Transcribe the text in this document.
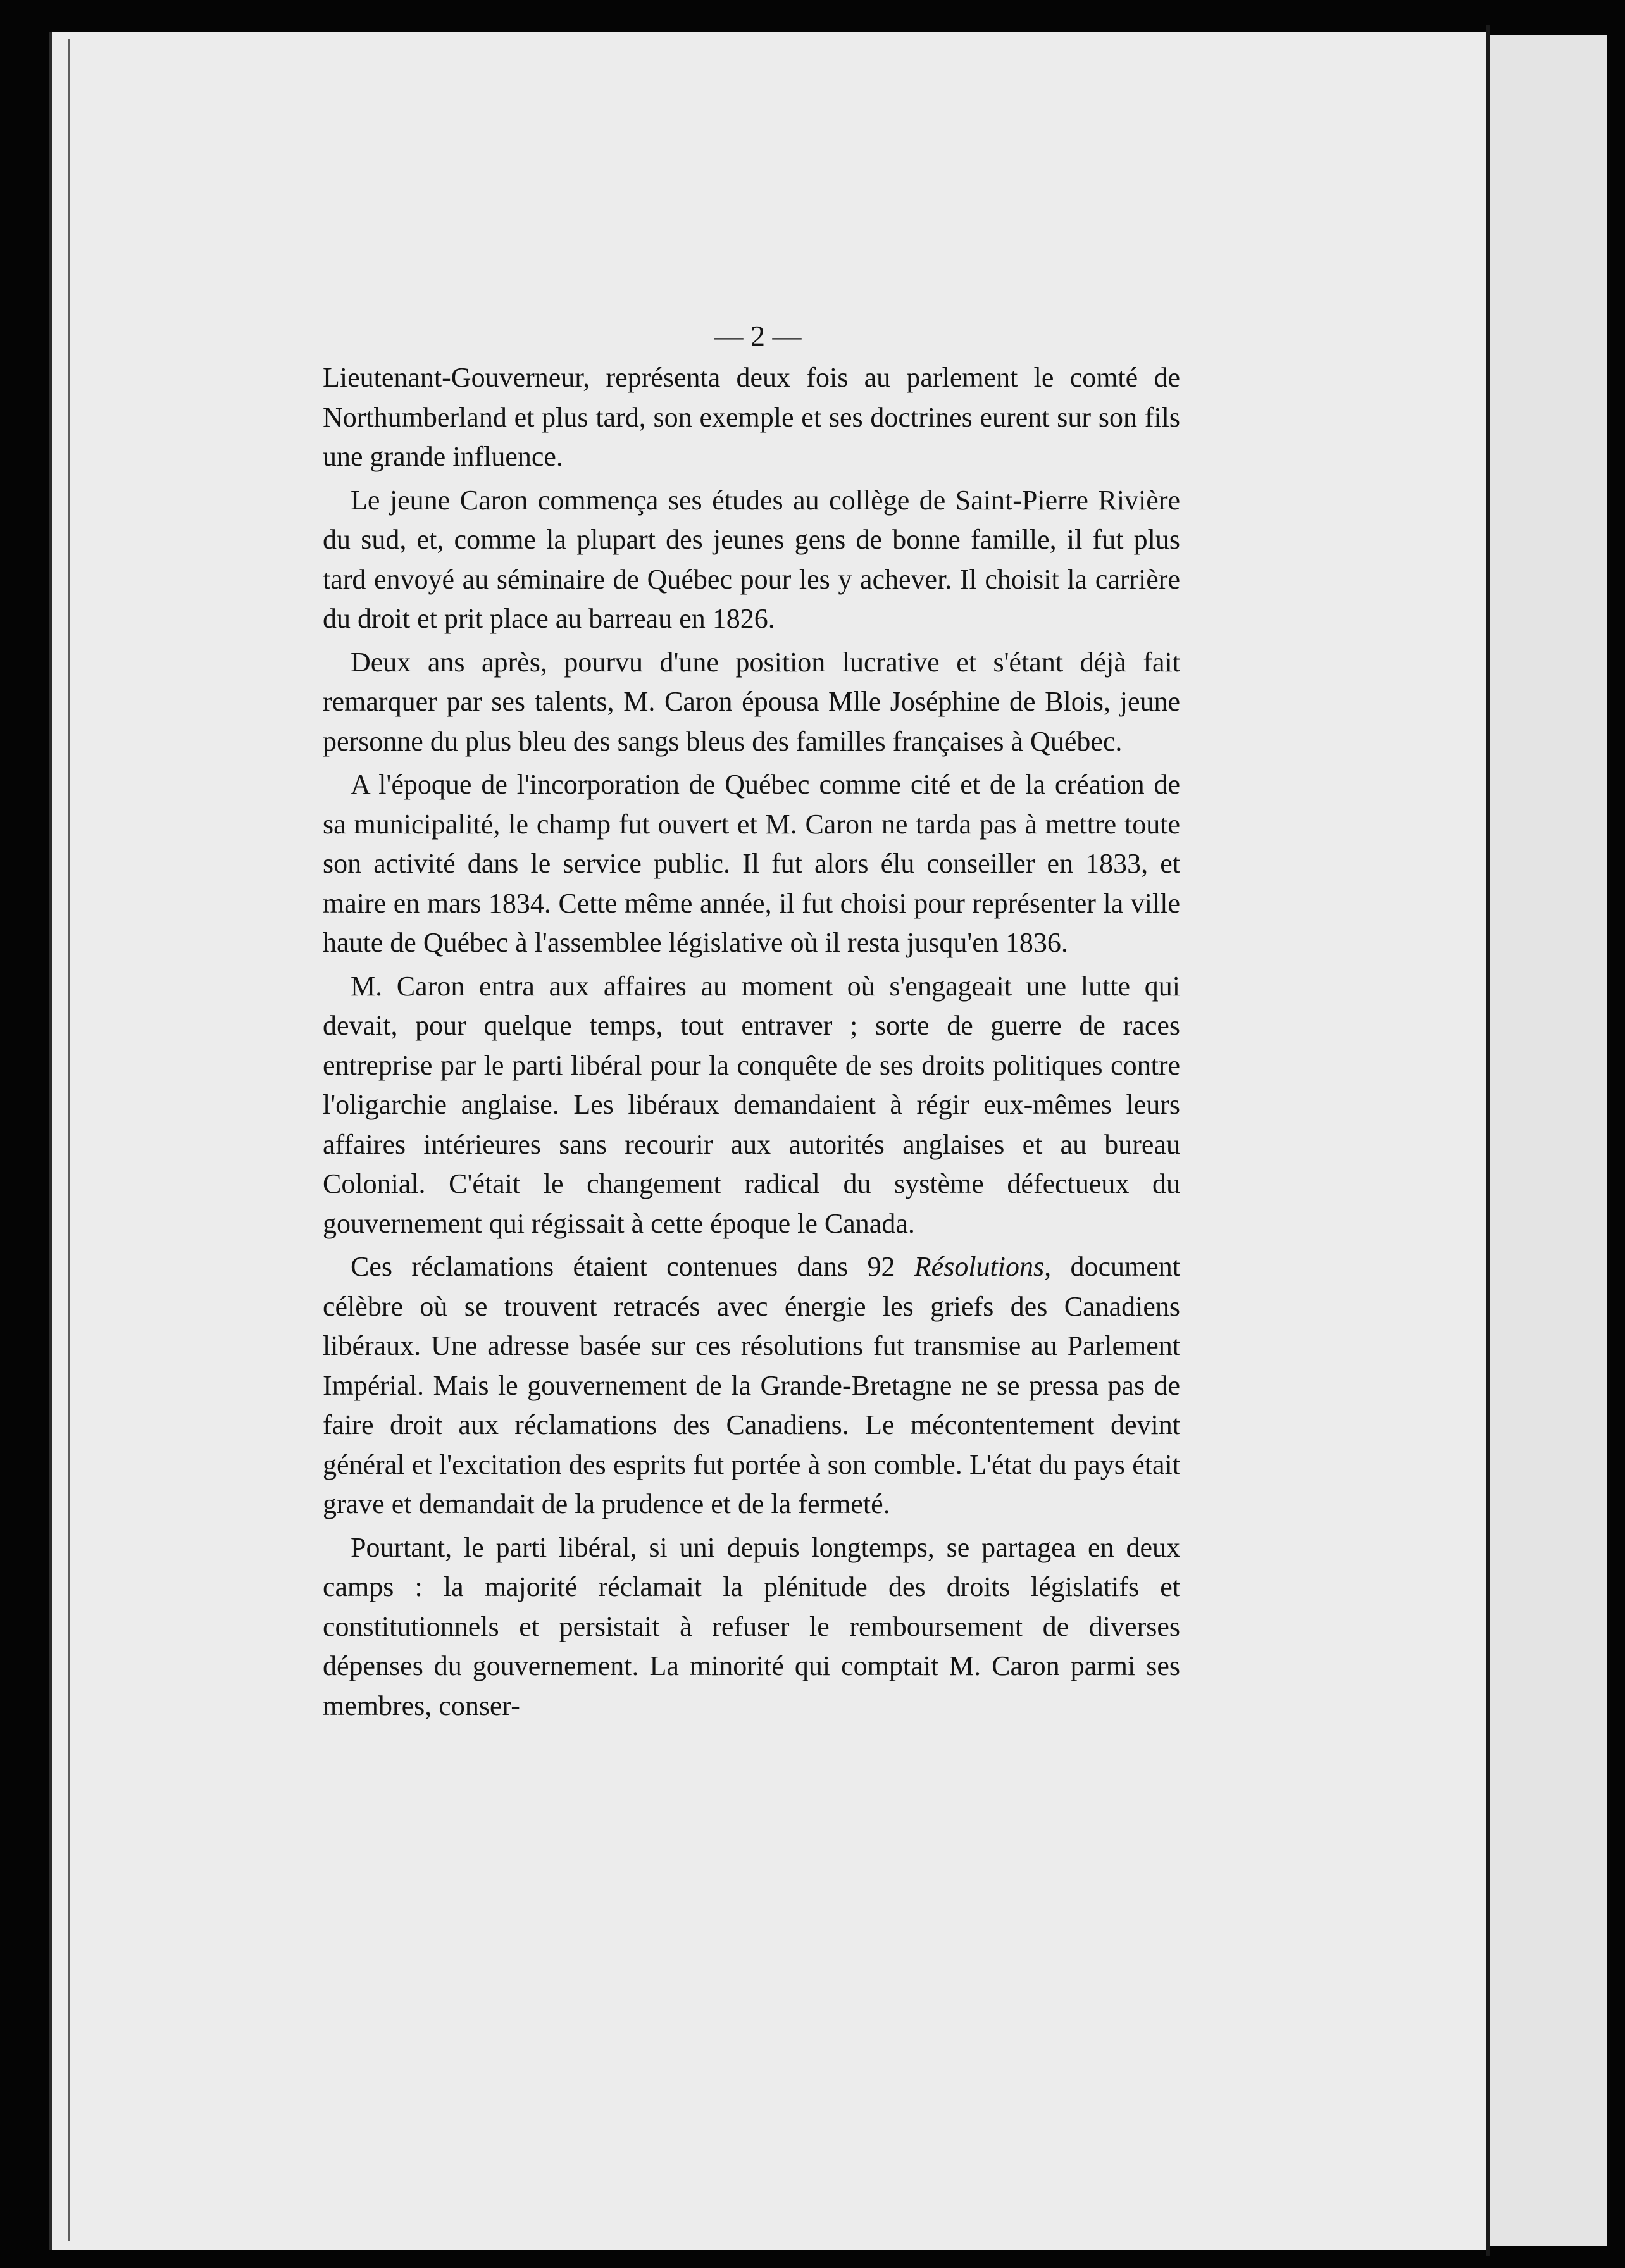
— 2 —

Lieutenant-Gouverneur, représenta deux fois au parlement le comté de Northumberland et plus tard, son exemple et ses doctrines eurent sur son fils une grande influence.

Le jeune Caron commença ses études au collège de Saint-Pierre Rivière du sud, et, comme la plupart des jeunes gens de bonne famille, il fut plus tard envoyé au séminaire de Québec pour les y achever. Il choisit la carrière du droit et prit place au barreau en 1826.

Deux ans après, pourvu d'une position lucrative et s'étant déjà fait remarquer par ses talents, M. Caron épousa Mlle Joséphine de Blois, jeune personne du plus bleu des sangs bleus des familles françaises à Québec.

A l'époque de l'incorporation de Québec comme cité et de la création de sa municipalité, le champ fut ouvert et M. Caron ne tarda pas à mettre toute son activité dans le service public. Il fut alors élu conseiller en 1833, et maire en mars 1834. Cette même année, il fut choisi pour représenter la ville haute de Québec à l'assemblee législative où il resta jusqu'en 1836.

M. Caron entra aux affaires au moment où s'engageait une lutte qui devait, pour quelque temps, tout entraver ; sorte de guerre de races entreprise par le parti libéral pour la conquête de ses droits politiques contre l'oligarchie anglaise. Les libéraux demandaient à régir eux-mêmes leurs affaires intérieures sans recourir aux autorités anglaises et au bureau Colonial. C'était le changement radical du système défectueux du gouvernement qui régissait à cette époque le Canada.

Ces réclamations étaient contenues dans 92 Résolutions, document célèbre où se trouvent retracés avec énergie les griefs des Canadiens libéraux. Une adresse basée sur ces résolutions fut transmise au Parlement Impérial. Mais le gouvernement de la Grande-Bretagne ne se pressa pas de faire droit aux réclamations des Canadiens. Le mécontentement devint général et l'excitation des esprits fut portée à son comble. L'état du pays était grave et demandait de la prudence et de la fermeté.

Pourtant, le parti libéral, si uni depuis longtemps, se partagea en deux camps : la majorité réclamait la plénitude des droits législatifs et constitutionnels et persistait à refuser le remboursement de diverses dépenses du gouvernement. La minorité qui comptait M. Caron parmi ses membres, conser-
